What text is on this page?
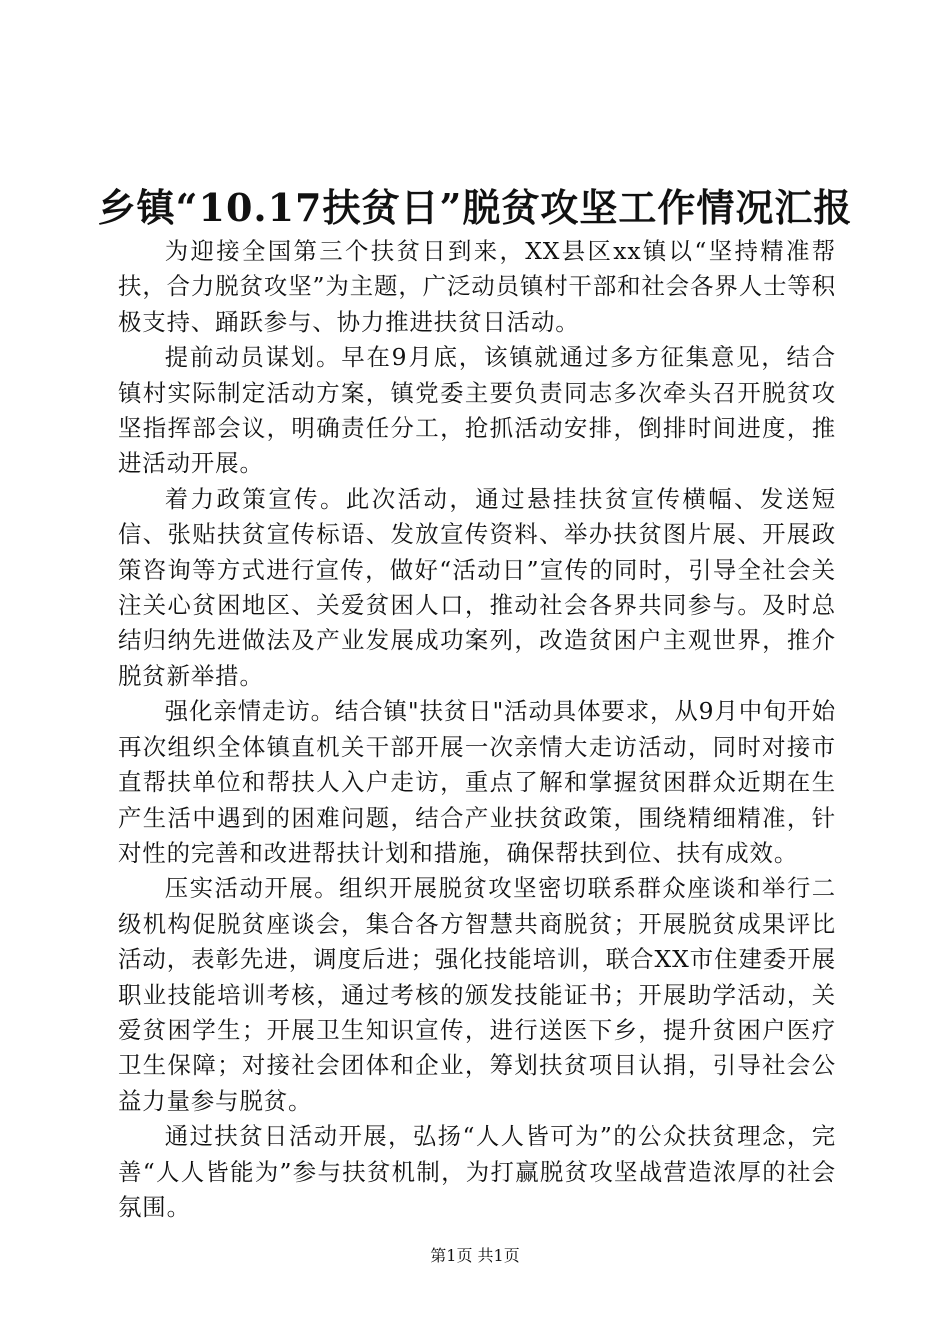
乡镇“10.17扶贫日”脱贫攻坚工作情况汇报

为迎接全国第三个扶贫日到来，XX县区xx镇以“坚持精准帮扶，合力脱贫攻坚”为主题，广泛动员镇村干部和社会各界人士等积极支持、踊跃参与、协力推进扶贫日活动。

提前动员谋划。早在9月底，该镇就通过多方征集意见，结合镇村实际制定活动方案，镇党委主要负责同志多次牵头召开脱贫攻坚指挥部会议，明确责任分工，抢抓活动安排，倒排时间进度，推进活动开展。

着力政策宣传。此次活动，通过悬挂扶贫宣传横幅、发送短信、张贴扶贫宣传标语、发放宣传资料、举办扶贫图片展、开展政策咨询等方式进行宣传，做好“活动日”宣传的同时，引导全社会关注关心贫困地区、关爱贫困人口，推动社会各界共同参与。及时总结归纳先进做法及产业发展成功案列，改造贫困户主观世界，推介脱贫新举措。

强化亲情走访。结合镇"扶贫日"活动具体要求，从9月中旬开始再次组织全体镇直机关干部开展一次亲情大走访活动，同时对接市直帮扶单位和帮扶人入户走访，重点了解和掌握贫困群众近期在生产生活中遇到的困难问题，结合产业扶贫政策，围绕精细精准，针对性的完善和改进帮扶计划和措施，确保帮扶到位、扶有成效。

压实活动开展。组织开展脱贫攻坚密切联系群众座谈和举行二级机构促脱贫座谈会，集合各方智慧共商脱贫；开展脱贫成果评比活动，表彰先进，调度后进；强化技能培训，联合XX市住建委开展职业技能培训考核，通过考核的颁发技能证书；开展助学活动，关爱贫困学生；开展卫生知识宣传，进行送医下乡，提升贫困户医疗卫生保障；对接社会团体和企业，筹划扶贫项目认捐，引导社会公益力量参与脱贫。

通过扶贫日活动开展，弘扬“人人皆可为”的公众扶贫理念，完善“人人皆能为”参与扶贫机制，为打赢脱贫攻坚战营造浓厚的社会氛围。

第1页 共1页
